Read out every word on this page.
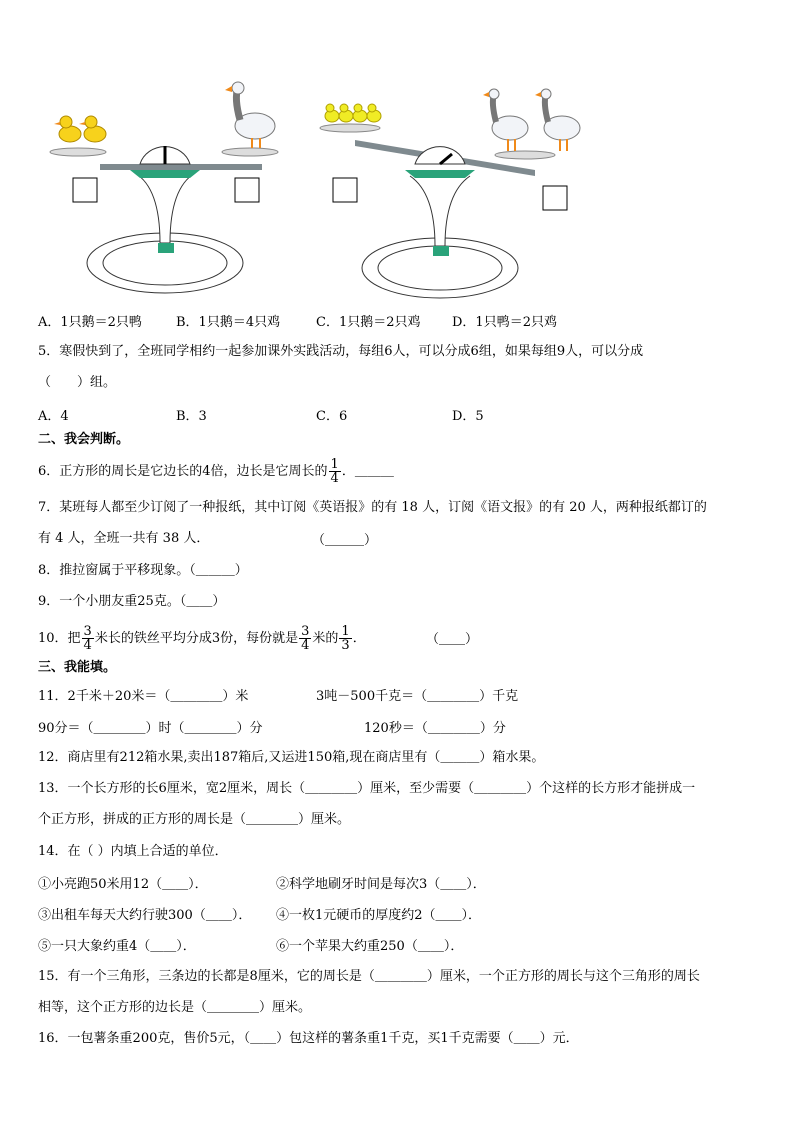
A．1只鹅＝2只鸭	B．1只鹅＝4只鸡	C．1只鹅＝2只鸡 D．1只鸭＝2只鸡
5．寒假快到了，全班同学相约一起参加课外实践活动，每组6人，可以分成6组，如果每组9人，可以分成
（　　）组。
A．4	B．3	C．6	D．5
二、我会判断。
6．正方形的周长是它边长的4倍，边长是它周长的 $\frac{1}{4}$ ．＿＿＿
7．某班每人都至少订阅了一种报纸，其中订阅《英语报》的有 18 人，订阅《语文报》的有 20 人，两种报纸都订的
有 4 人，全班一共有 38 人．	（＿＿＿）
8．推拉窗属于平移现象。（＿＿＿）
9．一个小朋友重25克。（＿＿）
10．把 $\frac{3}{4}$ 米长的铁丝平均分成3份，每份就是 $\frac{3}{4}$ 米的 $\frac{1}{3}$ ．	（＿＿）
三、我能填。
11．2千米＋20米＝（＿＿＿＿）米	3吨－500千克＝（＿＿＿＿）千克
90分＝（＿＿＿＿）时（＿＿＿＿）分	120秒＝（＿＿＿＿）分
12．商店里有212箱水果,卖出187箱后,又运进150箱,现在商店里有（＿＿＿）箱水果。
13．一个长方形的长6厘米，宽2厘米，周长（＿＿＿＿）厘米，至少需要（＿＿＿＿）个这样的长方形才能拼成一
个正方形，拼成的正方形的周长是（＿＿＿＿）厘米。
14．在（ ）内填上合适的单位．
①小亮跑50米用12（＿＿）．	②科学地刷牙时间是每次3（＿＿）．
③出租车每天大约行驶300（＿＿）． ④一枚1元硬币的厚度约2（＿＿）．
⑤一只大象约重4（＿＿）．	⑥一个苹果大约重250（＿＿）．
15．有一个三角形，三条边的长都是8厘米，它的周长是（＿＿＿＿）厘米，一个正方形的周长与这个三角形的周长
相等，这个正方形的边长是（＿＿＿＿）厘米。
16．一包薯条重200克，售价5元，（＿＿）包这样的薯条重1千克，买1千克需要（＿＿）元．
